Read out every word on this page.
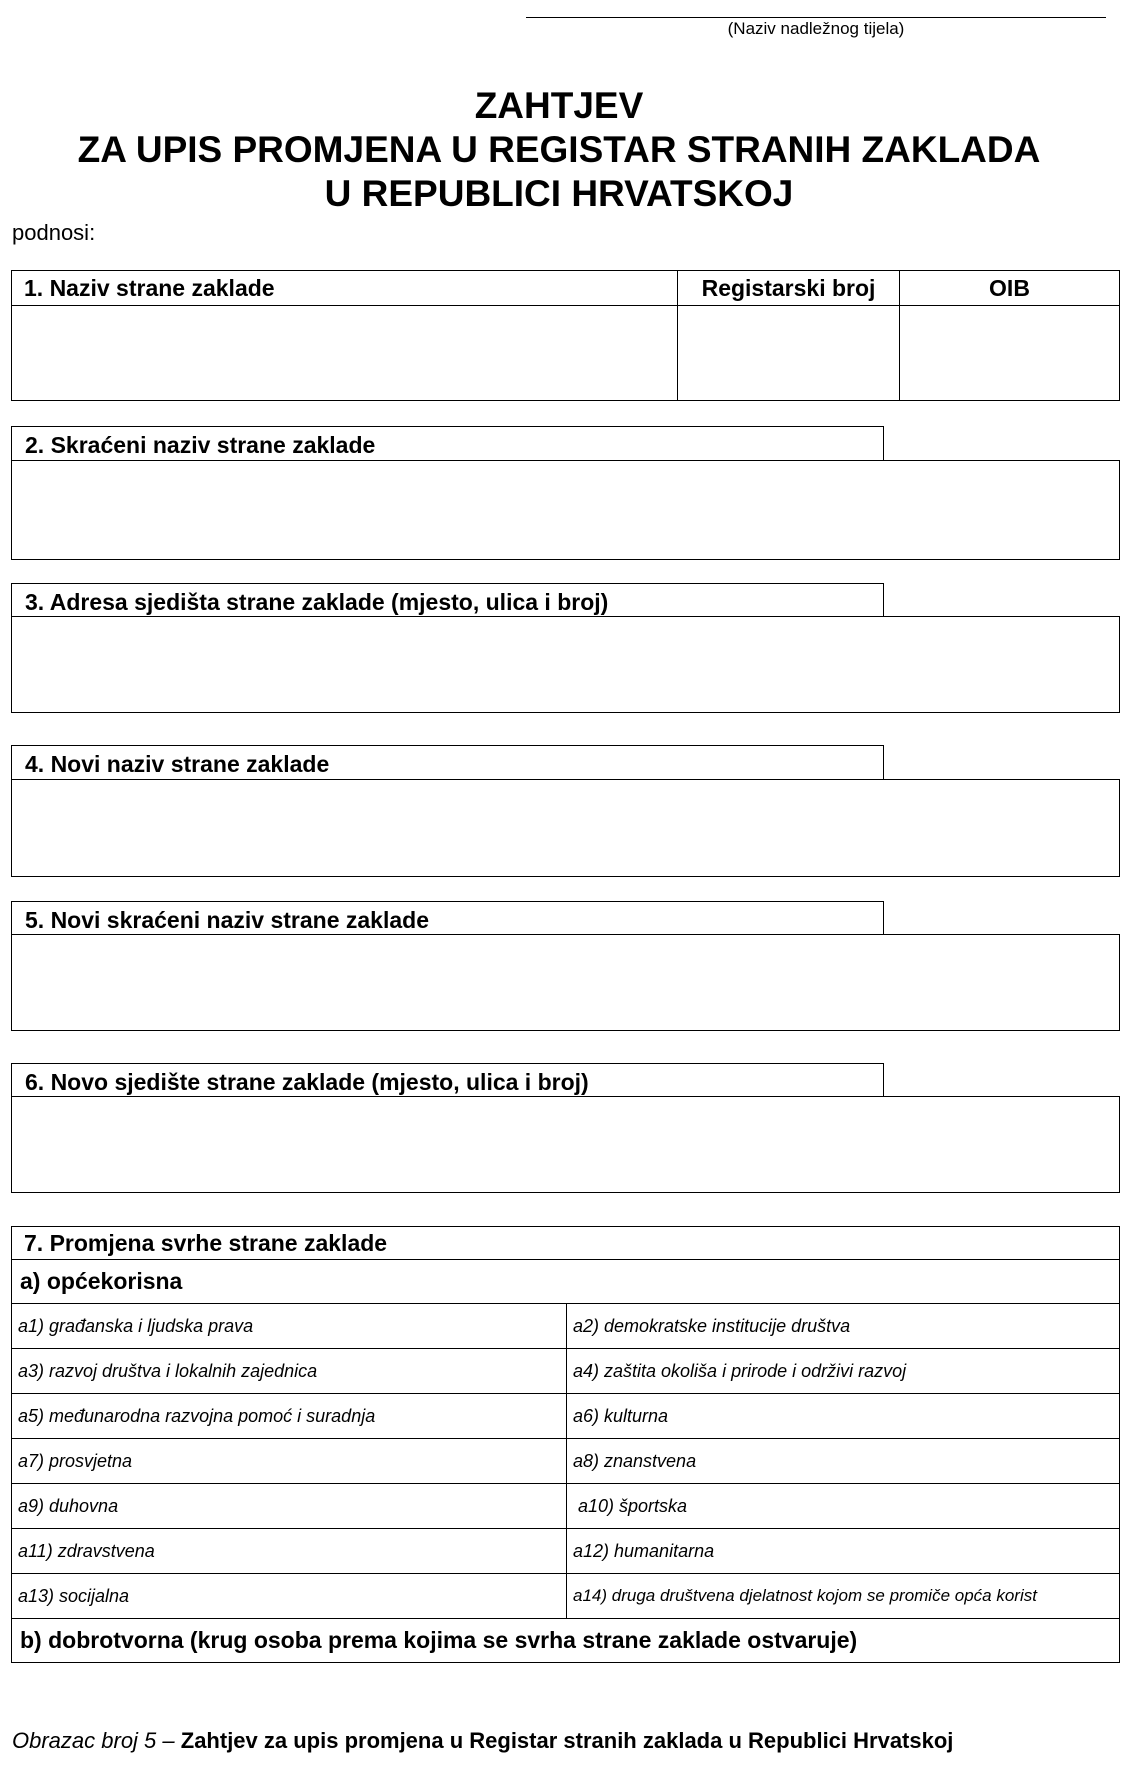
(Naziv nadležnog tijela)
ZAHTJEV
ZA UPIS PROMJENA U REGISTAR STRANIH ZAKLADA
U REPUBLICI HRVATSKOJ
podnosi:
1. Naziv strane zaklade	Registarski broj	OIB

2. Skraćeni naziv strane zaklade
3. Adresa sjedišta strane zaklade (mjesto, ulica i broj)
4. Novi naziv strane zaklade
5. Novi skraćeni naziv strane zaklade
6. Novo sjedište strane zaklade (mjesto, ulica i broj)
7. Promjena svrhe strane zaklade	
a) općekorisna	
a1) građanska i ljudska prava	a2) demokratske institucije društva
a3) razvoj društva i lokalnih zajednica	a4) zaštita okoliša i prirode i održivi razvoj
a5) međunarodna razvojna pomoć i suradnja	a6) kulturna
a7) prosvjetna	a8) znanstvena
a9) duhovna	a10) športska
a11) zdravstvena	a12) humanitarna
a13) socijalna	a14) druga društvena djelatnost kojom se promiče opća korist
b) dobrotvorna (krug osoba prema kojima se svrha strane zaklade ostvaruje)	
Obrazac broj 5 – Zahtjev za upis promjena u Registar stranih zaklada u Republici Hrvatskoj
